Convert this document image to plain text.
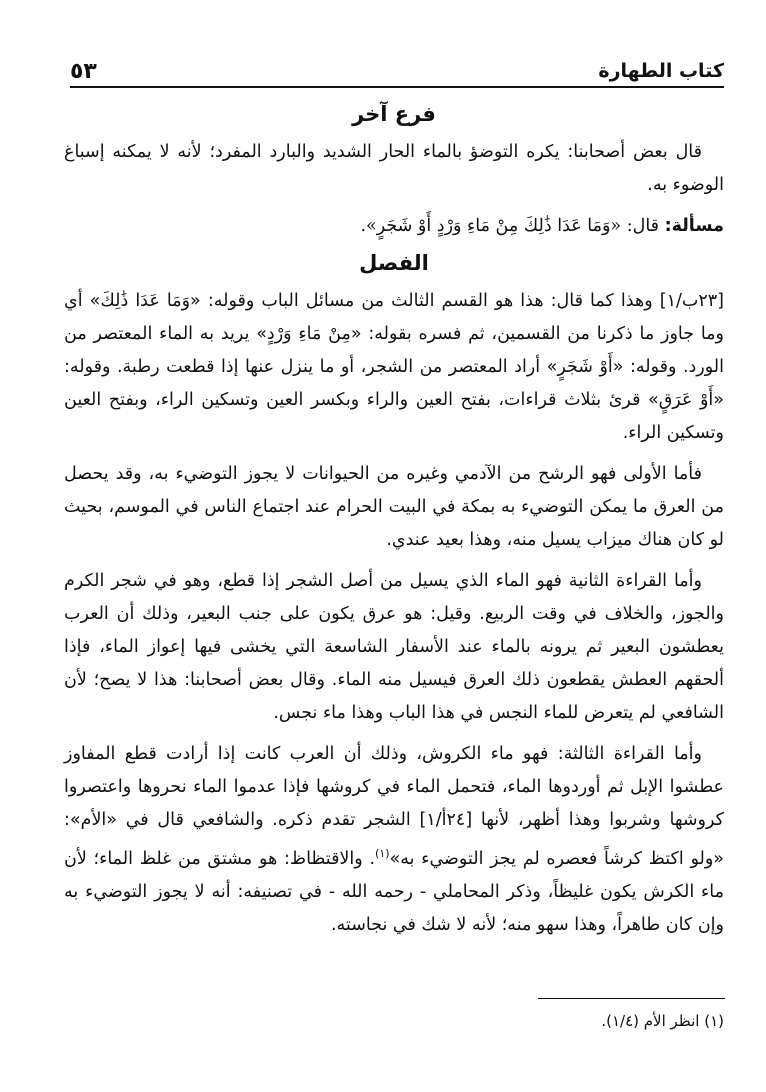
٥٣	كتاب الطهارة
فرع آخر

قال بعض أصحابنا: يكره التوضؤ بالماء الحار الشديد والبارد المفرد؛ لأنه لا يمكنه إسباغ الوضوء به.

مسألة: قال: «وَمَا عَدَا ذَٰلِكَ مِنْ مَاءِ وَرْدٍ أَوْ شَجَرٍ».

الفصل

[٢٣ب/١] وهذا كما قال: هذا هو القسم الثالث من مسائل الباب وقوله: «وَمَا عَدَا ذَٰلِكَ» أي وما جاوز ما ذكرنا من القسمين، ثم فسره بقوله: «مِنْ مَاءِ وَرْدٍ» يريد به الماء المعتصر من الورد. وقوله: «أَوْ شَجَرٍ» أراد المعتصر من الشجر، أو ما ينزل عنها إذا قطعت رطبة. وقوله: «أَوْ عَرَقٍ» قرئ بثلاث قراءات، بفتح العين والراء وبكسر العين وتسكين الراء، وبفتح العين وتسكين الراء.

فأما الأولى فهو الرشح من الآدمي وغيره من الحيوانات لا يجوز التوضيء به، وقد يحصل من العرق ما يمكن التوضيء به بمكة في البيت الحرام عند اجتماع الناس في الموسم، بحيث لو كان هناك ميزاب يسيل منه، وهذا بعيد عندي.

وأما القراءة الثانية فهو الماء الذي يسيل من أصل الشجر إذا قطع، وهو في شجر الكرم والجوز، والخلاف في وقت الربيع. وقيل: هو عرق يكون على جنب البعير، وذلك أن العرب يعطشون البعير ثم يرونه بالماء عند الأسفار الشاسعة التي يخشى فيها إعواز الماء، فإذا ألحقهم العطش يقطعون ذلك العرق فيسيل منه الماء. وقال بعض أصحابنا: هذا لا يصح؛ لأن الشافعي لم يتعرض للماء النجس في هذا الباب وهذا ماء نجس.

وأما القراءة الثالثة: فهو ماء الكروش، وذلك أن العرب كانت إذا أرادت قطع المفاوز عطشوا الإبل ثم أوردوها الماء، فتحمل الماء في كروشها فإذا عدموا الماء نحروها واعتصروا كروشها وشربوا وهذا أظهر، لأنها [٢٤أ/١] الشجر تقدم ذكره. والشافعي قال في «الأم»: «ولو اكتظ كرشاً فعصره لم يجز التوضيء به»$^{(١)}$. والاقتظاظ: هو مشتق من غلظ الماء؛ لأن ماء الكرش يكون غليظاً، وذكر المحاملي - رحمه الله - في تصنيفه: أنه لا يجوز التوضيء به وإن كان طاهراً، وهذا سهو منه؛ لأنه لا شك في نجاسته.

(١) انظر الأم (١/٤).
